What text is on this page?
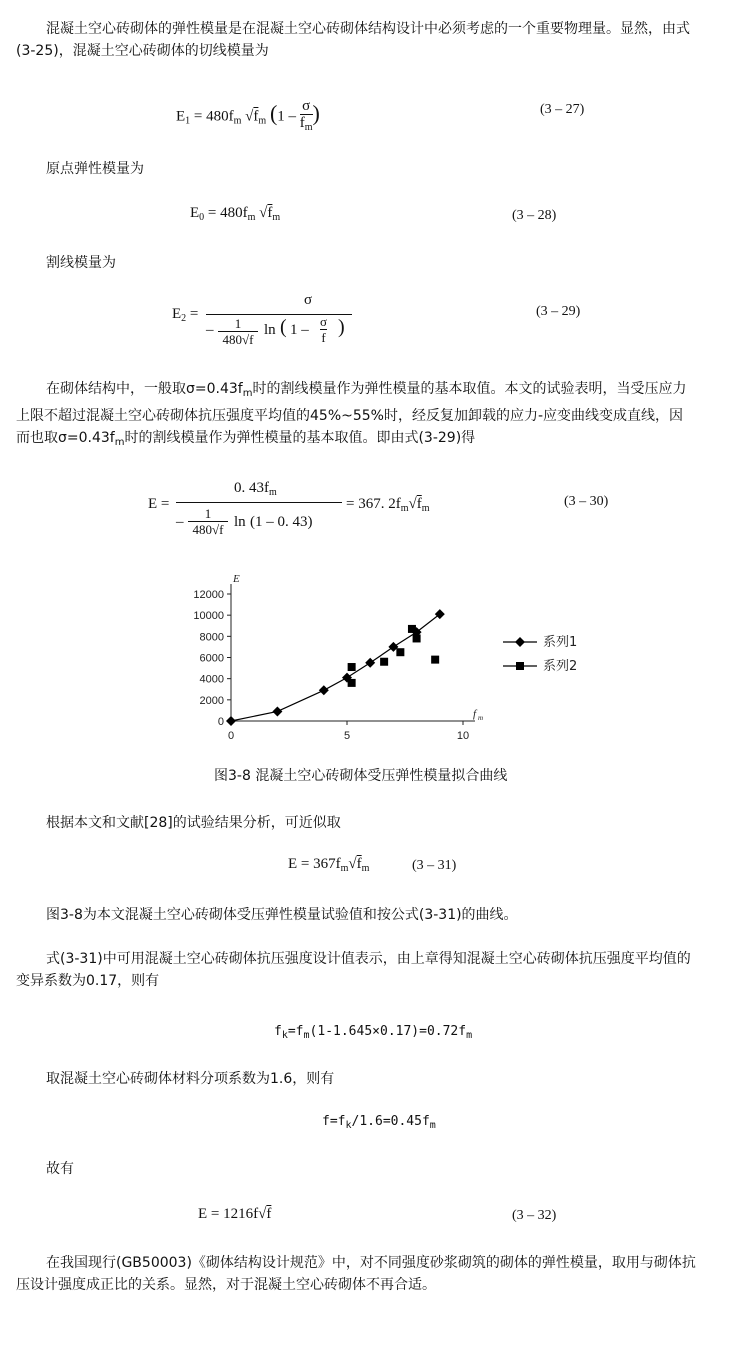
混凝土空心砖砌体的弹性模量是在混凝土空心砖砌体结构设计中必须考虑的一个重要物理量。显然，由式(3-25)，混凝土空心砖砌体的切线模量为

$E_1 = 480f_m$ $√f_m$ ($1 - \frac{\sigma}{f_m}$ )	(3 – 27)

原点弹性模量为

$E_0 = 480f_m$ $√f_m$	(3 – 28)

割线模量为

$E_2$ =
σ
–	1
480√f
ln ( 1 –
σ
f )
(3 – 29)

在砌体结构中，一般取$\sigma=0.43f_m$时的割线模量作为弹性模量的基本取值。本文的试验表明，当受压应力上限不超过混凝土空心砖砌体抗压强度平均值的45%~55%时，经反复加卸载的应力-应变曲线变成直线，因而也取$\sigma=0.43f_m$时的割线模量作为弹性模量的基本取值。即由式(3-29)得

E =
0. $43f_m$
–
1
480√f ln (1 – 0. 43)
= 367. $2f_m√f_m$	(3 – 30)
0
2000
4000
6000
8000
10000
12000
0	5	10
E
f m
系列1
系列2
图3-8 混凝土空心砖砌体受压弹性模量拟合曲线

根据本文和文献[28]的试验结果分析，可近似取

$E = 367f_m√f_m$	(3 – 31)

图3-8为本文混凝土空心砖砌体受压弹性模量试验值和按公式(3-31)的曲线。

式(3-31)中可用混凝土空心砖砌体抗压强度设计值表示，由上章得知混凝土空心砖砌体抗压强度平均值的变异系数为0.17，则有

$f_k=f_m(1-1.645\times 0.17)=0.72f_m$

取混凝土空心砖砌体材料分项系数为1.6，则有

$f=f_k/1.6=0.45f_m$

故有

E = 1216f√f	(3 – 32)

在我国现行(GB50003)《砌体结构设计规范》中，对不同强度砂浆砌筑的砌体的弹性模量，取用与砌体抗压设计强度成正比的关系。显然，对于混凝土空心砖砌体不再合适。
